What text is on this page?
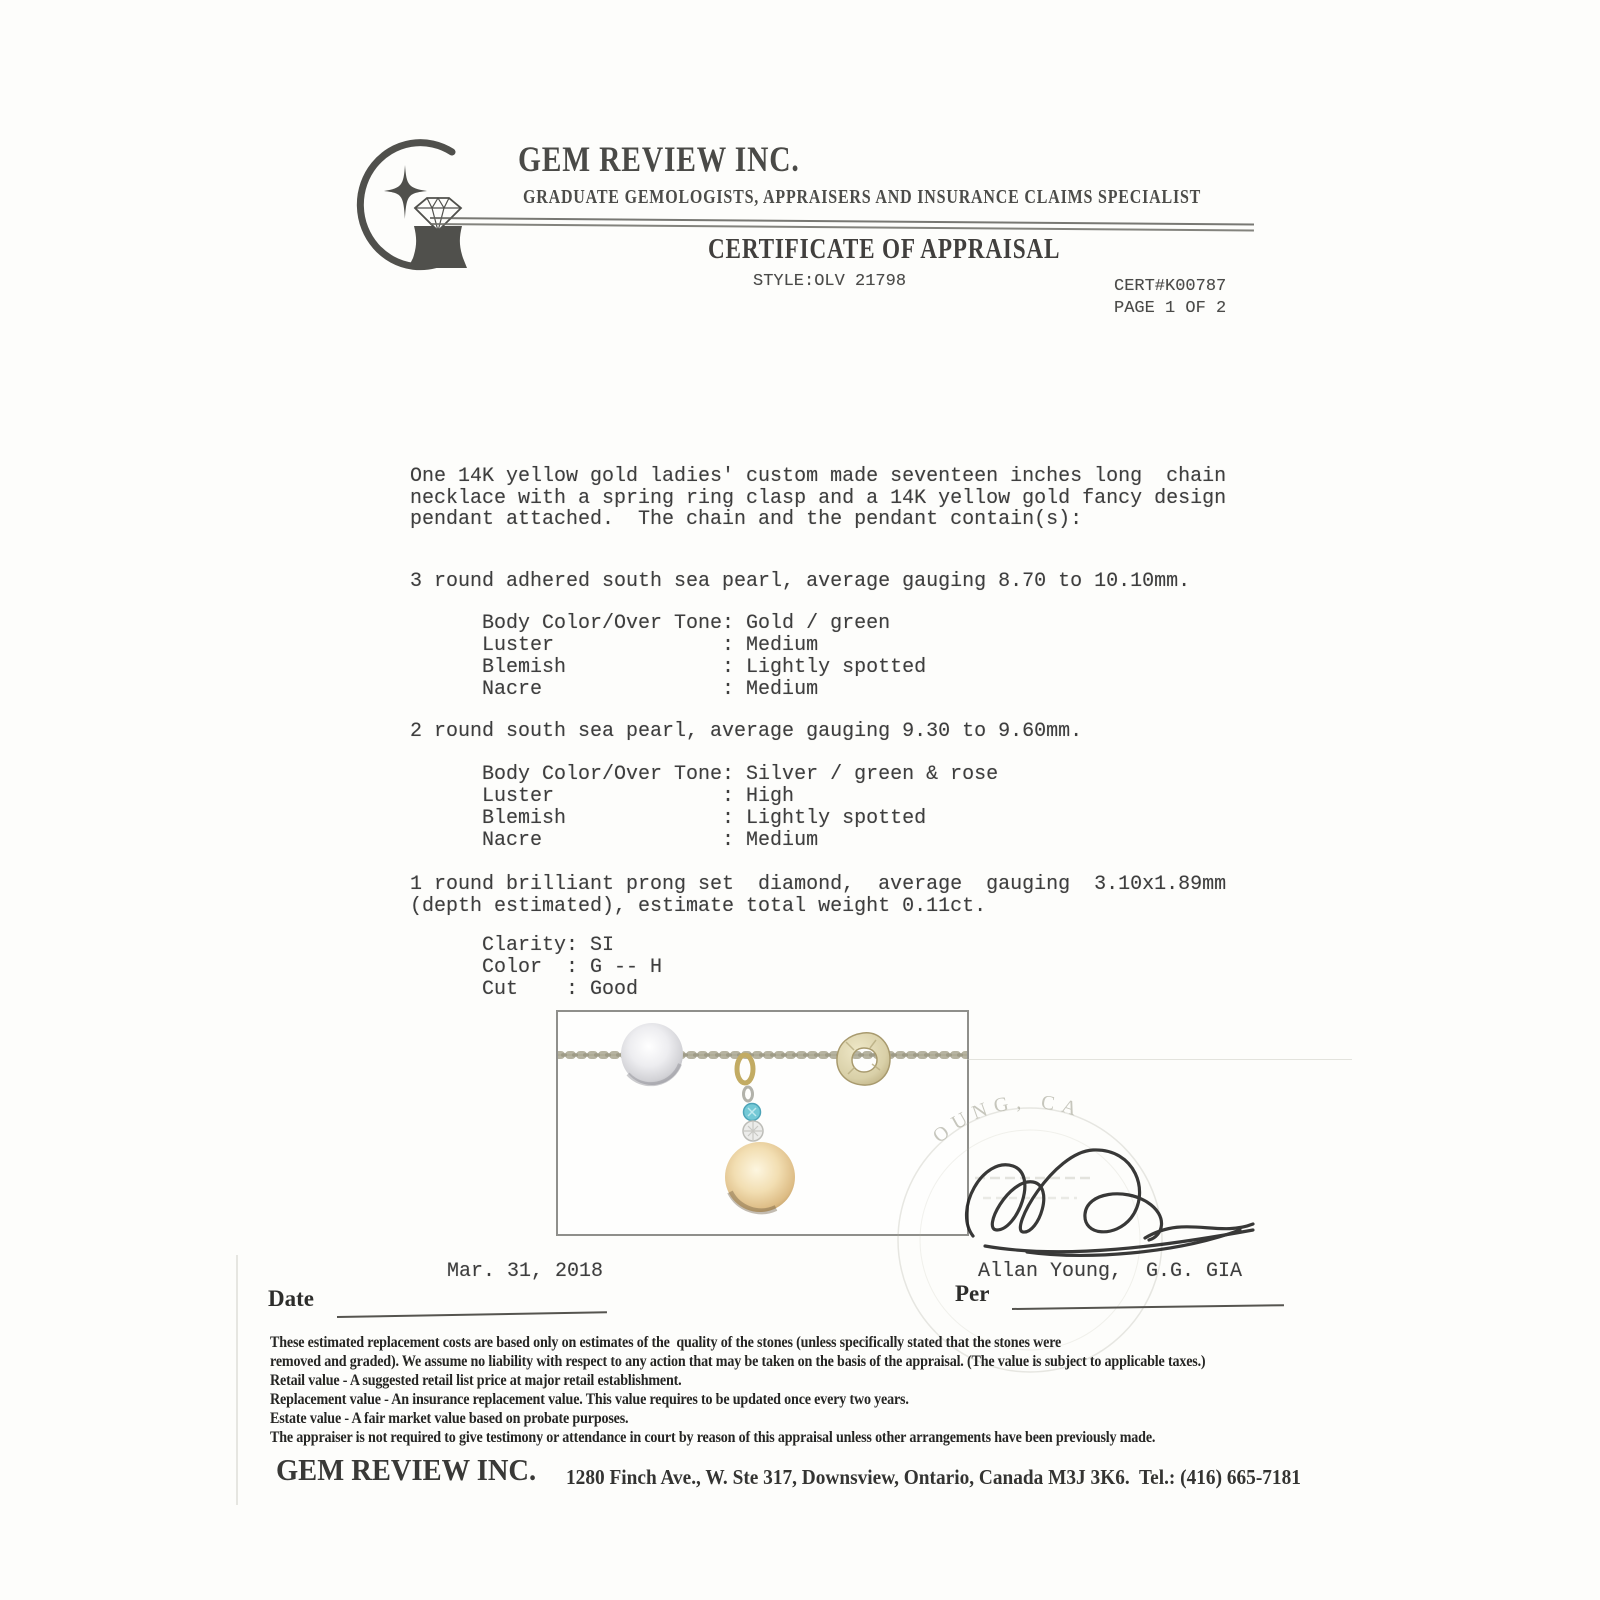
GEM REVIEW INC.
GRADUATE GEMOLOGISTS, APPRAISERS AND INSURANCE CLAIMS SPECIALIST
CERTIFICATE OF APPRAISAL
STYLE:OLV 21798	CERT#K00787
PAGE 1 OF 2
One 14K yellow gold ladies' custom made seventeen inches long  chain
necklace with a spring ring clasp and a 14K yellow gold fancy design
pendant attached.  The chain and the pendant contain(s):
3 round adhered south sea pearl, average gauging 8.70 to 10.10mm.
Body Color/Over Tone: Gold / green
Luster              : Medium
Blemish             : Lightly spotted
Nacre               : Medium
2 round south sea pearl, average gauging 9.30 to 9.60mm.
Body Color/Over Tone: Silver / green & rose
Luster              : High
Blemish             : Lightly spotted
Nacre               : Medium
1 round brilliant prong set  diamond,  average  gauging  3.10x1.89mm
(depth estimated), estimate total weight 0.11ct.
Clarity: SI
Color  : G -- H
Cut    : Good
OUNG, CA
Mar. 31, 2018	Allan Young,  G.G. GIA
Date	Per
These estimated replacement costs are based only on estimates of the  quality of the stones (unless specifically stated that the stones were
removed and graded). We assume no liability with respect to any action that may be taken on the basis of the appraisal. (The value is subject to applicable taxes.)
Retail value - A suggested retail list price at major retail establishment.
Replacement value - An insurance replacement value. This value requires to be updated once every two years.
Estate value - A fair market value based on probate purposes.
The appraiser is not required to give testimony or attendance in court by reason of this appraisal unless other arrangements have been previously made.
GEM REVIEW INC. 1280 Finch Ave., W. Ste 317, Downsview, Ontario, Canada M3J 3K6.  Tel.: (416) 665-7181
